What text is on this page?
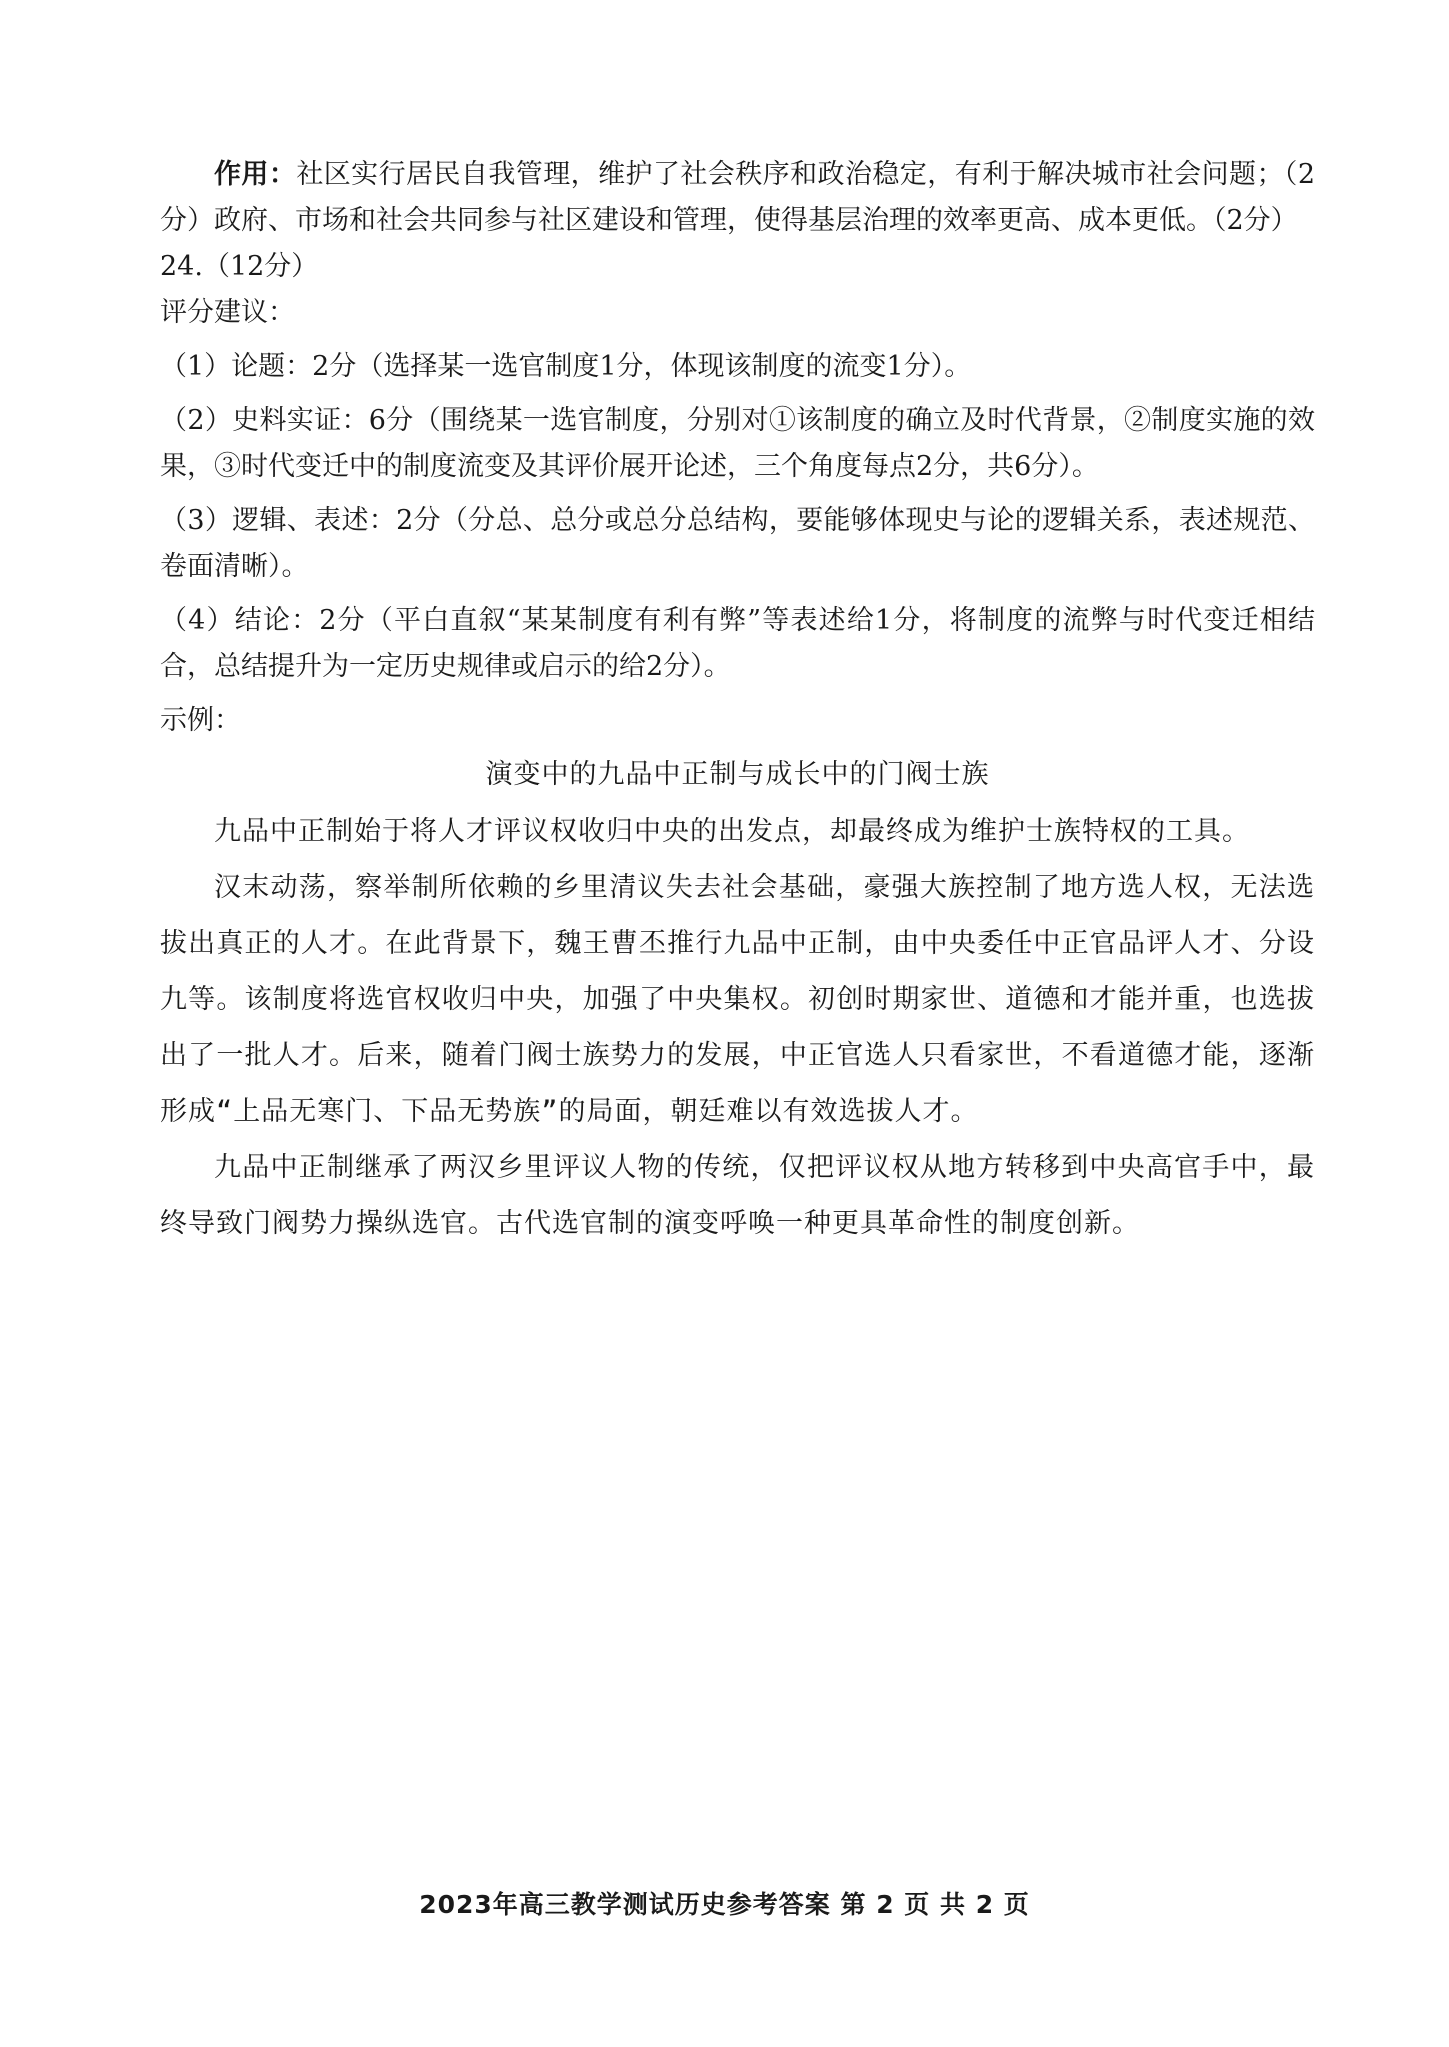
作用：社区实行居民自我管理，维护了社会秩序和政治稳定，有利于解决城市社会问题；（2分）政府、市场和社会共同参与社区建设和管理，使得基层治理的效率更高、成本更低。（2分）

24.（12分）

评分建议：

（1）论题：2分（选择某一选官制度1分，体现该制度的流变1分）。

（2）史料实证：6分（围绕某一选官制度，分别对①该制度的确立及时代背景，②制度实施的效果，③时代变迁中的制度流变及其评价展开论述，三个角度每点2分，共6分）。

（3）逻辑、表述：2分（分总、总分或总分总结构，要能够体现史与论的逻辑关系，表述规范、卷面清晰）。

（4）结论：2分（平白直叙“某某制度有利有弊”等表述给1分，将制度的流弊与时代变迁相结合，总结提升为一定历史规律或启示的给2分）。

示例：

演变中的九品中正制与成长中的门阀士族

九品中正制始于将人才评议权收归中央的出发点，却最终成为维护士族特权的工具。

汉末动荡，察举制所依赖的乡里清议失去社会基础，豪强大族控制了地方选人权，无法选拔出真正的人才。在此背景下，魏王曹丕推行九品中正制，由中央委任中正官品评人才、分设九等。该制度将选官权收归中央，加强了中央集权。初创时期家世、道德和才能并重，也选拔出了一批人才。后来，随着门阀士族势力的发展，中正官选人只看家世，不看道德才能，逐渐形成“上品无寒门、下品无势族”的局面，朝廷难以有效选拔人才。

九品中正制继承了两汉乡里评议人物的传统，仅把评议权从地方转移到中央高官手中，最终导致门阀势力操纵选官。古代选官制的演变呼唤一种更具革命性的制度创新。

2023年高三教学测试历史参考答案 第 2 页 共 2 页
